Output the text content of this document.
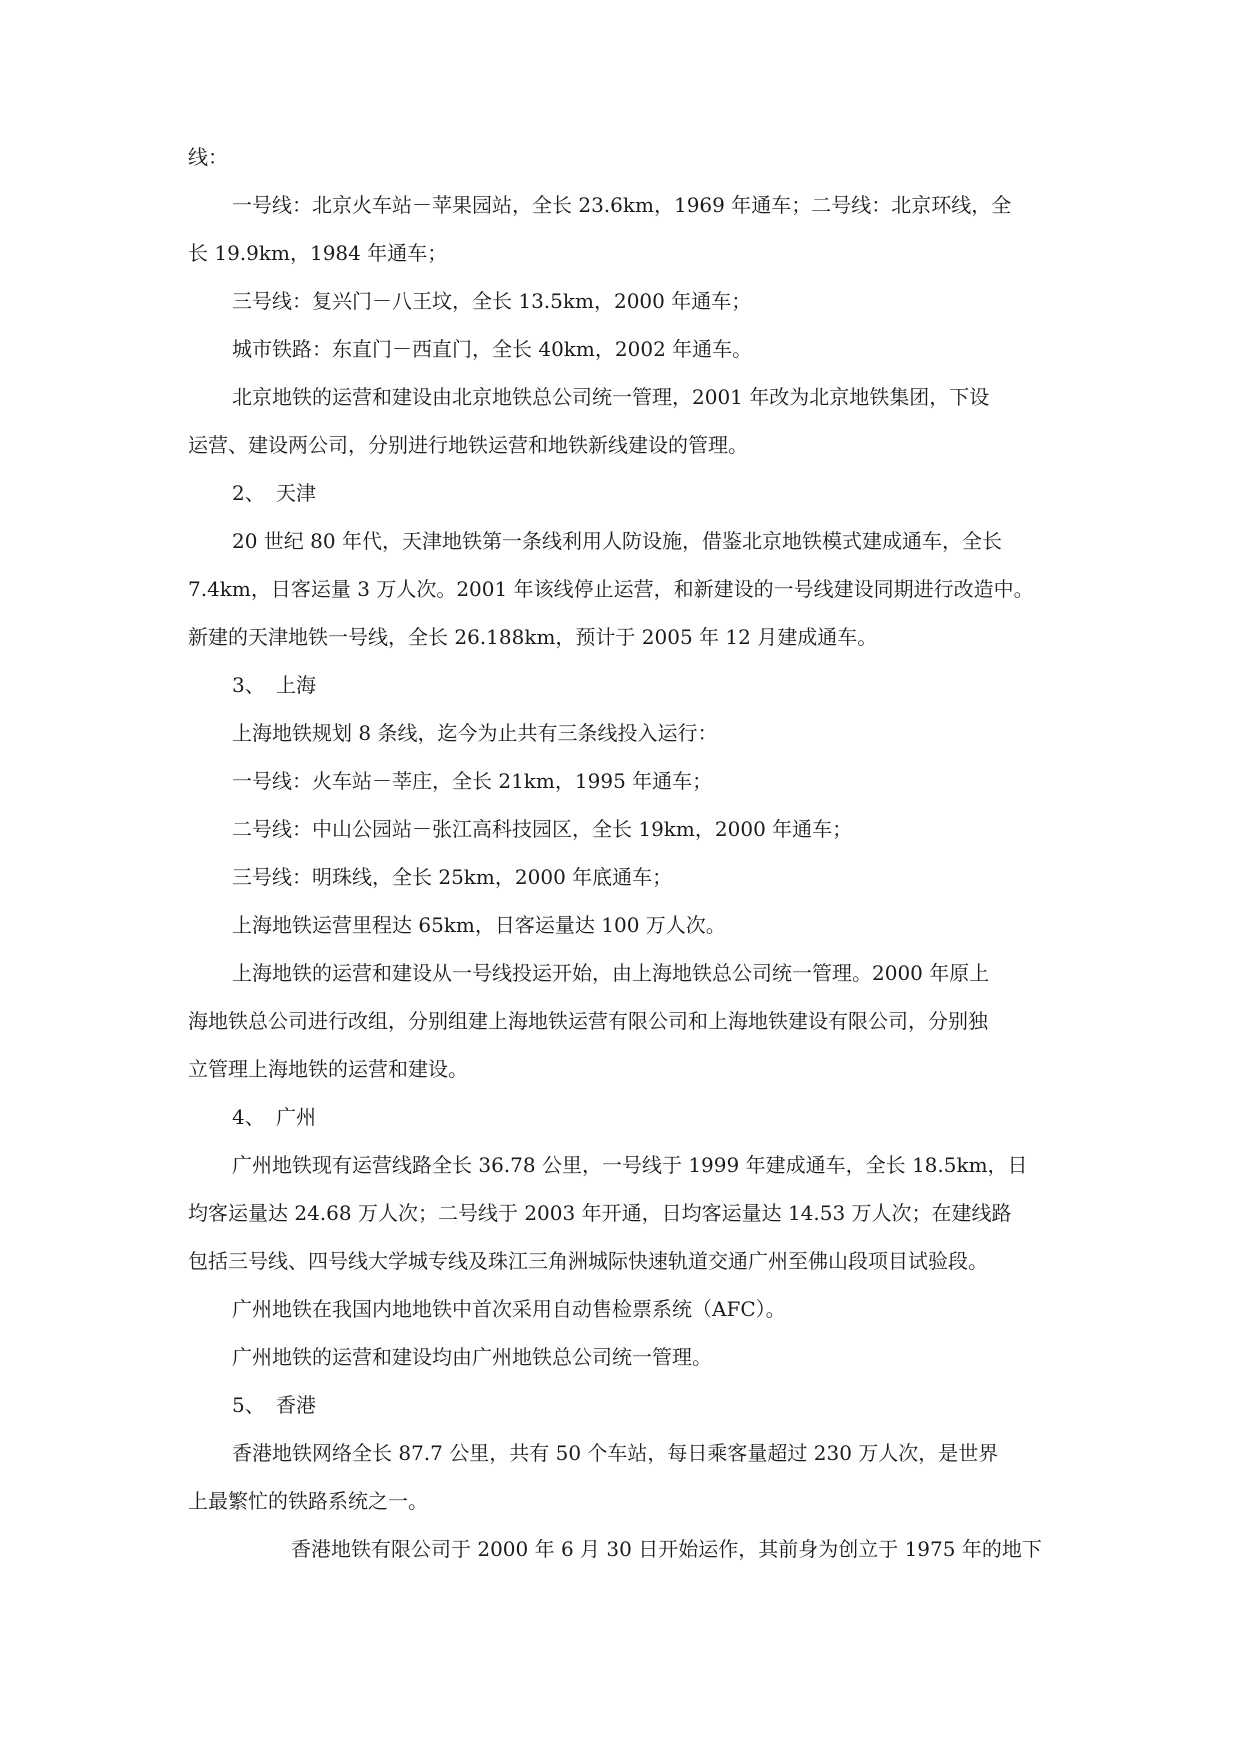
线：
一号线：北京火车站－苹果园站，全长 23.6km，1969 年通车；二号线：北京环线，全
长 19.9km，1984 年通车；
三号线：复兴门－八王坟，全长 13.5km，2000 年通车；
城市铁路：东直门－西直门，全长 40km，2002 年通车。
北京地铁的运营和建设由北京地铁总公司统一管理，2001 年改为北京地铁集团，下设
运营、建设两公司，分别进行地铁运营和地铁新线建设的管理。
2、 天津
20 世纪 80 年代，天津地铁第一条线利用人防设施，借鉴北京地铁模式建成通车，全长
7.4km，日客运量 3 万人次。2001 年该线停止运营，和新建设的一号线建设同期进行改造中。
新建的天津地铁一号线，全长 26.188km，预计于 2005 年 12 月建成通车。
3、 上海
上海地铁规划 8 条线，迄今为止共有三条线投入运行：
一号线：火车站－莘庄，全长 21km，1995 年通车；
二号线：中山公园站－张江高科技园区，全长 19km，2000 年通车；
三号线：明珠线，全长 25km，2000 年底通车；
上海地铁运营里程达 65km，日客运量达 100 万人次。
上海地铁的运营和建设从一号线投运开始，由上海地铁总公司统一管理。2000 年原上
海地铁总公司进行改组，分别组建上海地铁运营有限公司和上海地铁建设有限公司，分别独
立管理上海地铁的运营和建设。
4、 广州
广州地铁现有运营线路全长 36.78 公里，一号线于 1999 年建成通车，全长 18.5km，日
均客运量达 24.68 万人次；二号线于 2003 年开通，日均客运量达 14.53 万人次；在建线路
包括三号线、四号线大学城专线及珠江三角洲城际快速轨道交通广州至佛山段项目试验段。
广州地铁在我国内地地铁中首次采用自动售检票系统（AFC）。
广州地铁的运营和建设均由广州地铁总公司统一管理。
5、 香港
香港地铁网络全长 87.7 公里，共有 50 个车站，每日乘客量超过 230 万人次，是世界
上最繁忙的铁路系统之一。
香港地铁有限公司于 2000 年 6 月 30 日开始运作，其前身为创立于 1975 年的地下
